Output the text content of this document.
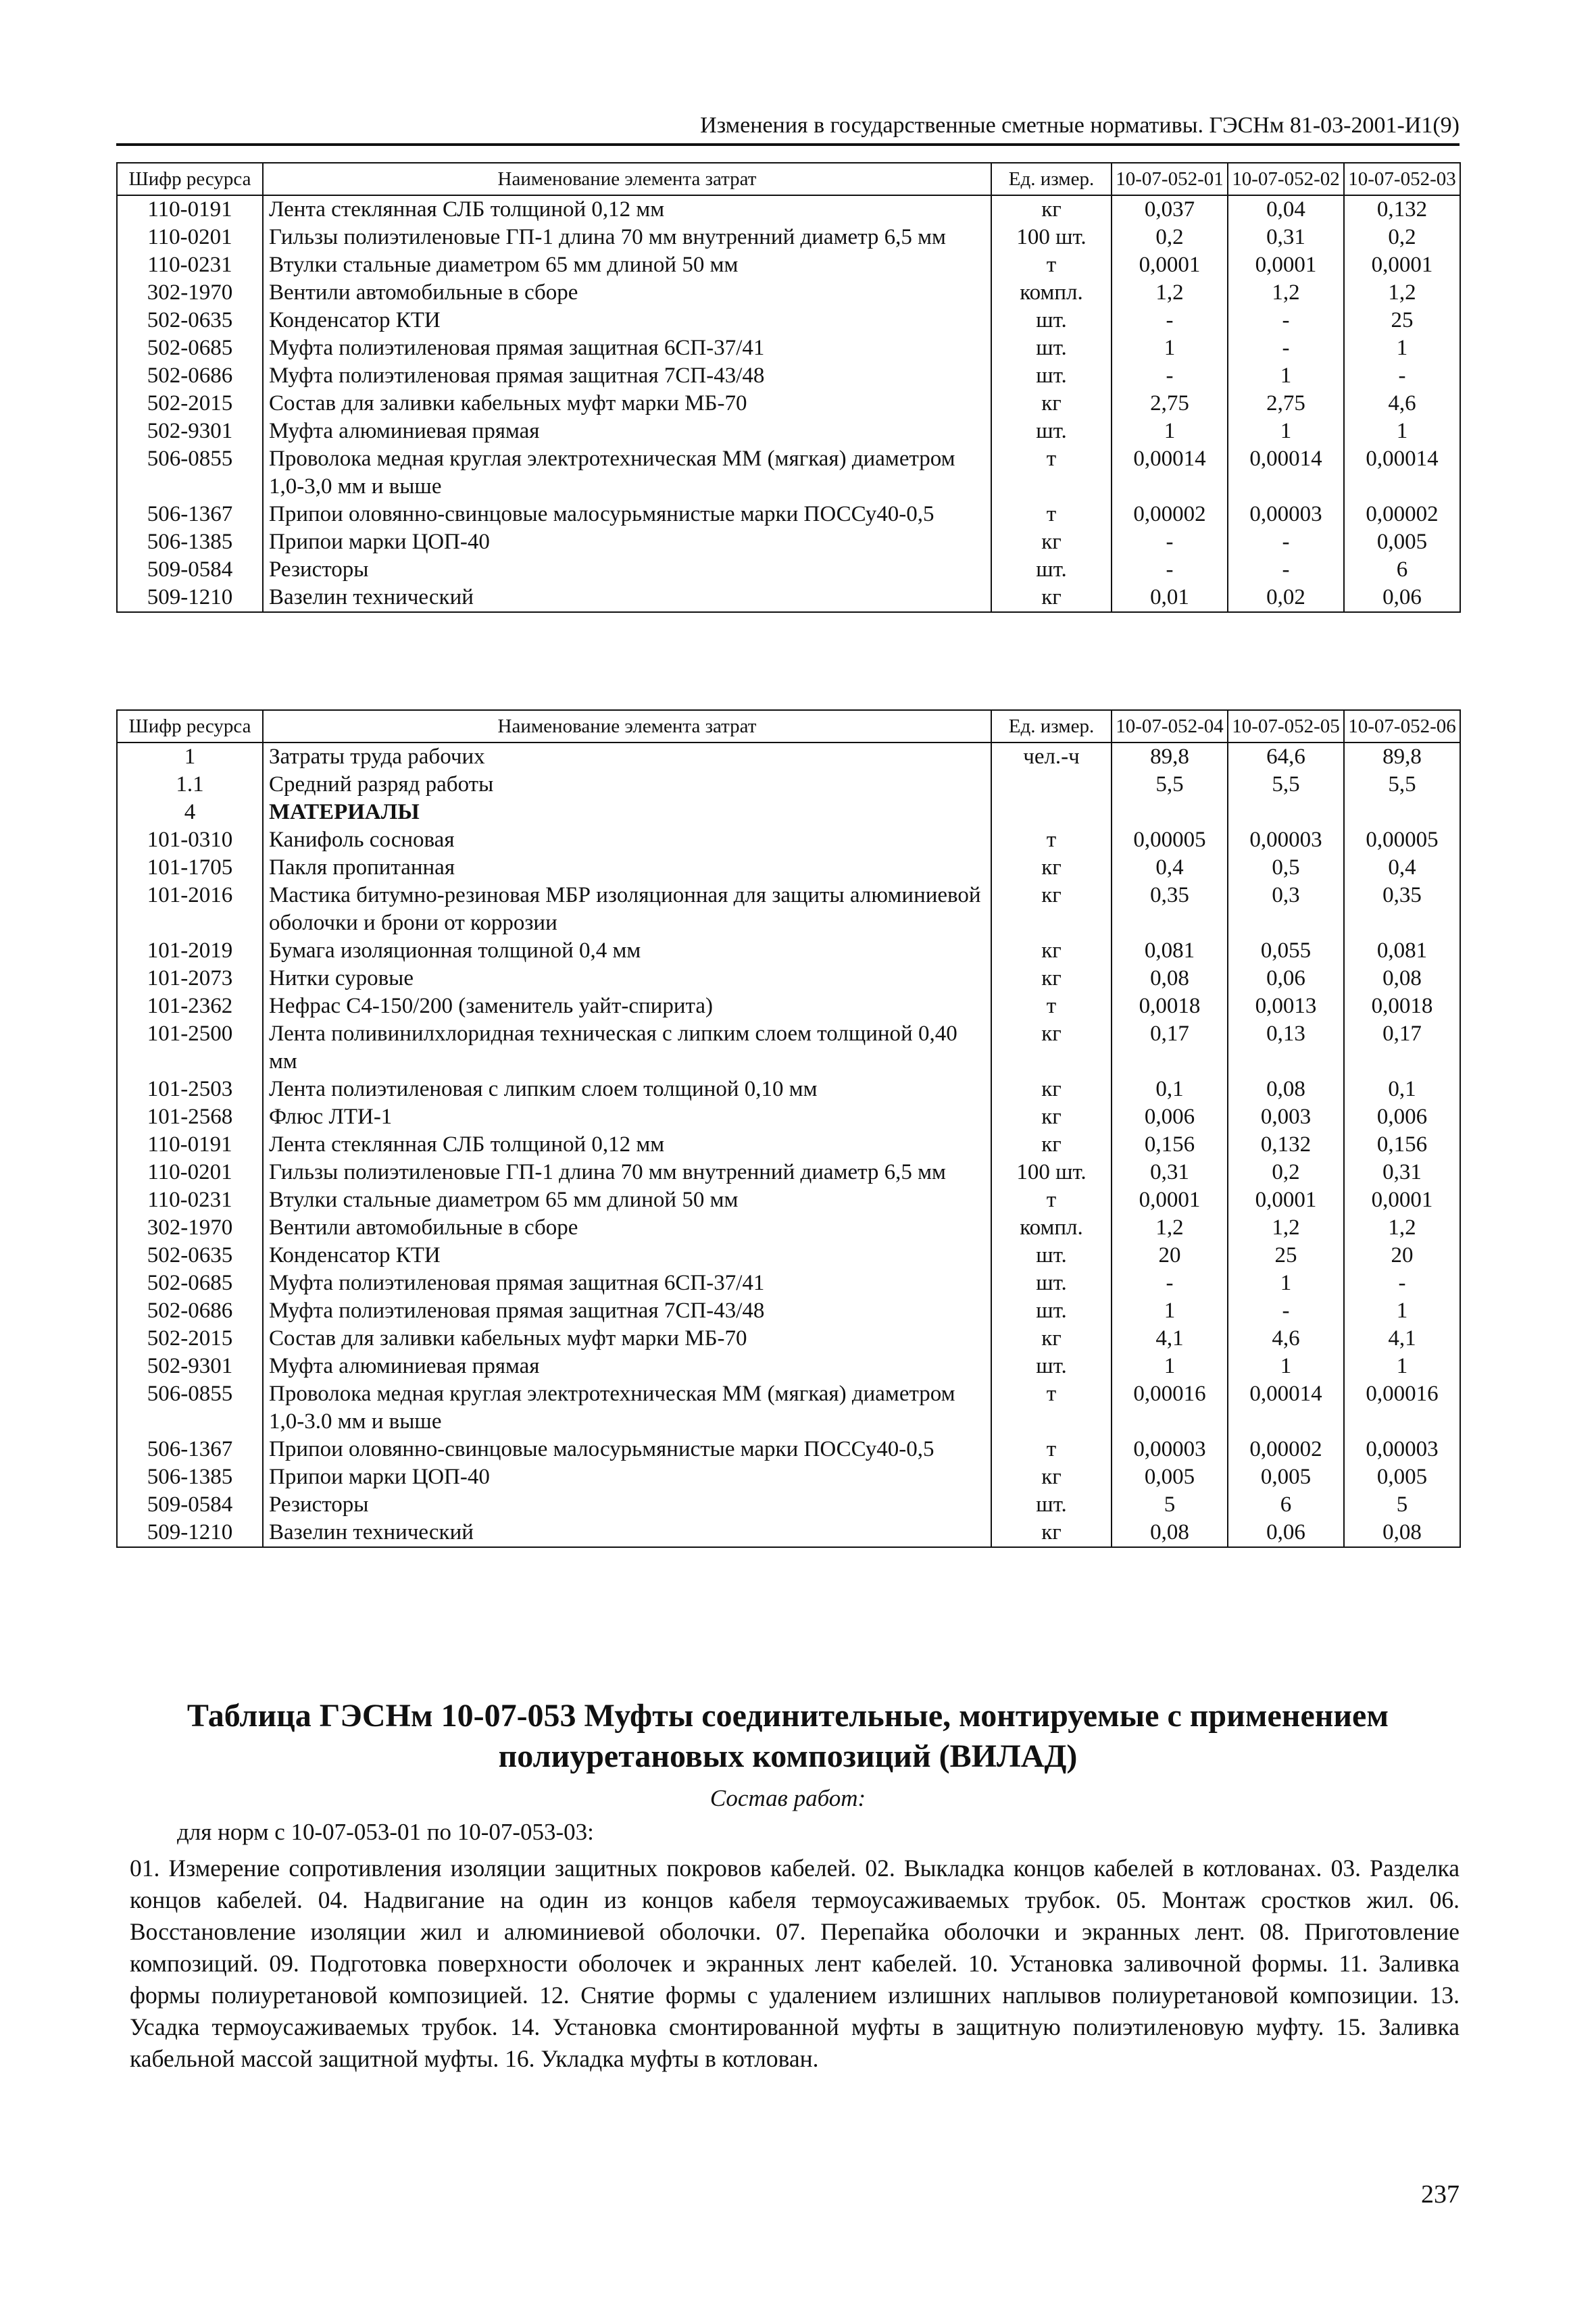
Изменения в государственные сметные нормативы. ГЭСНм 81-03-2001-И1(9)
Шифр ресурса	Наименование элемента затрат	Ед. измер.	10-07-052-01	10-07-052-02	10-07-052-03
110-0191	Лента стеклянная СЛБ толщиной 0,12 мм	кг	0,037	0,04	0,132
110-0201	Гильзы полиэтиленовые ГП-1 длина 70 мм внутренний диаметр 6,5 мм	100 шт.	0,2	0,31	0,2
110-0231	Втулки стальные диаметром 65 мм длиной 50 мм	т	0,0001	0,0001	0,0001
302-1970	Вентили автомобильные в сборе	компл.	1,2	1,2	1,2
502-0635	Конденсатор КТИ	шт.	-	-	25
502-0685	Муфта полиэтиленовая прямая защитная 6СП-37/41	шт.	1	-	1
502-0686	Муфта полиэтиленовая прямая защитная 7СП-43/48	шт.	-	1	-
502-2015	Состав для заливки кабельных муфт марки МБ-70	кг	2,75	2,75	4,6
502-9301	Муфта алюминиевая прямая	шт.	1	1	1
506-0855	Проволока медная круглая электротехническая ММ (мягкая) диаметром 1,0-3,0 мм и выше	т	0,00014	0,00014	0,00014
506-1367	Припои оловянно-свинцовые малосурьмянистые марки ПОССу40-0,5	т	0,00002	0,00003	0,00002
506-1385	Припои марки ЦОП-40	кг	-	-	0,005
509-0584	Резисторы	шт.	-	-	6
509-1210	Вазелин технический	кг	0,01	0,02	0,06
Шифр ресурса	Наименование элемента затрат	Ед. измер.	10-07-052-04	10-07-052-05	10-07-052-06
1	Затраты труда рабочих	чел.-ч	89,8	64,6	89,8
1.1	Средний разряд работы		5,5	5,5	5,5
4	МАТЕРИАЛЫ				
101-0310	Канифоль сосновая	т	0,00005	0,00003	0,00005
101-1705	Пакля пропитанная	кг	0,4	0,5	0,4
101-2016	Мастика битумно-резиновая МБР изоляционная для защиты алюминиевой оболочки и брони от коррозии	кг	0,35	0,3	0,35
101-2019	Бумага изоляционная толщиной 0,4 мм	кг	0,081	0,055	0,081
101-2073	Нитки суровые	кг	0,08	0,06	0,08
101-2362	Нефрас С4-150/200 (заменитель уайт-спирита)	т	0,0018	0,0013	0,0018
101-2500	Лента поливинилхлоридная техническая с липким слоем толщиной 0,40 мм	кг	0,17	0,13	0,17
101-2503	Лента полиэтиленовая с липким слоем толщиной 0,10 мм	кг	0,1	0,08	0,1
101-2568	Флюс ЛТИ-1	кг	0,006	0,003	0,006
110-0191	Лента стеклянная СЛБ толщиной 0,12 мм	кг	0,156	0,132	0,156
110-0201	Гильзы полиэтиленовые ГП-1 длина 70 мм внутренний диаметр 6,5 мм	100 шт.	0,31	0,2	0,31
110-0231	Втулки стальные диаметром 65 мм длиной 50 мм	т	0,0001	0,0001	0,0001
302-1970	Вентили автомобильные в сборе	компл.	1,2	1,2	1,2
502-0635	Конденсатор КТИ	шт.	20	25	20
502-0685	Муфта полиэтиленовая прямая защитная 6СП-37/41	шт.	-	1	-
502-0686	Муфта полиэтиленовая прямая защитная 7СП-43/48	шт.	1	-	1
502-2015	Состав для заливки кабельных муфт марки МБ-70	кг	4,1	4,6	4,1
502-9301	Муфта алюминиевая прямая	шт.	1	1	1
506-0855	Проволока медная круглая электротехническая ММ (мягкая) диаметром 1,0-3.0 мм и выше	т	0,00016	0,00014	0,00016
506-1367	Припои оловянно-свинцовые малосурьмянистые марки ПОССу40-0,5	т	0,00003	0,00002	0,00003
506-1385	Припои марки ЦОП-40	кг	0,005	0,005	0,005
509-0584	Резисторы	шт.	5	6	5
509-1210	Вазелин технический	кг	0,08	0,06	0,08
Таблица ГЭСНм 10-07-053 Муфты соединительные, монтируемые с применением
полиуретановых композиций (ВИЛАД)
Состав работ:
для норм с 10-07-053-01 по 10-07-053-03:
01. Измерение сопротивления изоляции защитных покровов кабелей. 02. Выкладка концов кабелей в котлованах. 03. Разделка концов кабелей. 04. Надвигание на один из концов кабеля термоусаживаемых трубок. 05. Монтаж сростков жил. 06. Восстановление изоляции жил и алюминиевой оболочки. 07. Перепайка оболочки и экранных лент. 08. Приготовление композиций. 09. Подготовка поверхности оболочек и экранных лент кабелей. 10. Установка заливочной формы. 11. Заливка формы полиуретановой композицией. 12. Снятие формы с удалением излишних наплывов полиуретановой композиции. 13. Усадка термоусаживаемых трубок. 14. Установка смонтированной муфты в защитную полиэтиленовую муфту. 15. Заливка кабельной массой защитной муфты. 16. Укладка муфты в котлован.
237
